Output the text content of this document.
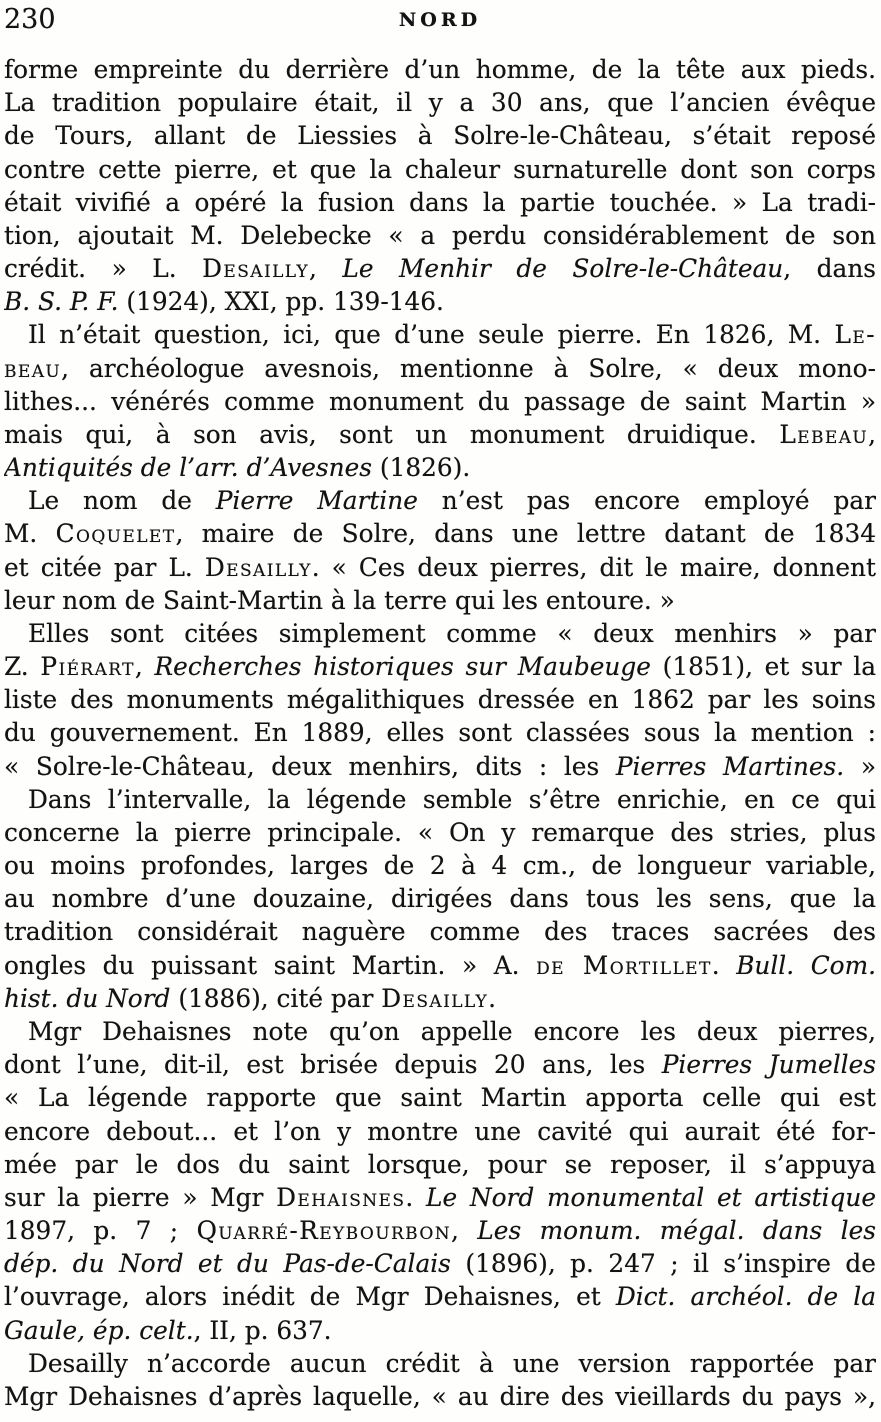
230	NORD
forme empreinte du derrière d’un homme, de la tête aux pieds.
La tradition populaire était, il y a 30 ans, que l’ancien évêque
de Tours, allant de Liessies à Solre-le-Château, s’était reposé
contre cette pierre, et que la chaleur surnaturelle dont son corps
était vivifié a opéré la fusion dans la partie touchée. » La tradi-
tion, ajoutait M. Delebecke « a perdu considérablement de son
crédit. » L. Desailly, Le Menhir de Solre-le-Château, dans
B. S. P. F. (1924), XXI, pp. 139-146.
Il n’était question, ici, que d’une seule pierre. En 1826, M. Le-
beau, archéologue avesnois, mentionne à Solre, « deux mono-
lithes... vénérés comme monument du passage de saint Martin »
mais qui, à son avis, sont un monument druidique. Lebeau,
Antiquités de l’arr. d’Avesnes (1826).
Le nom de Pierre Martine n’est pas encore employé par
M. Coquelet, maire de Solre, dans une lettre datant de 1834
et citée par L. Desailly. « Ces deux pierres, dit le maire, donnent
leur nom de Saint-Martin à la terre qui les entoure. »
Elles sont citées simplement comme « deux menhirs » par
Z. Piérart, Recherches historiques sur Maubeuge (1851), et sur la
liste des monuments mégalithiques dressée en 1862 par les soins
du gouvernement. En 1889, elles sont classées sous la mention :
« Solre-le-Château, deux menhirs, dits : les Pierres Martines. »
Dans l’intervalle, la légende semble s’être enrichie, en ce qui
concerne la pierre principale. « On y remarque des stries, plus
ou moins profondes, larges de 2 à 4 cm., de longueur variable,
au nombre d’une douzaine, dirigées dans tous les sens, que la
tradition considérait naguère comme des traces sacrées des
ongles du puissant saint Martin. » A. de Mortillet. Bull. Com.
hist. du Nord (1886), cité par Desailly.
Mgr Dehaisnes note qu’on appelle encore les deux pierres,
dont l’une, dit-il, est brisée depuis 20 ans, les Pierres Jumelles
« La légende rapporte que saint Martin apporta celle qui est
encore debout... et l’on y montre une cavité qui aurait été for-
mée par le dos du saint lorsque, pour se reposer, il s’appuya
sur la pierre » Mgr Dehaisnes. Le Nord monumental et artistique
1897, p. 7 ; Quarré-Reybourbon, Les monum. mégal. dans les
dép. du Nord et du Pas-de-Calais (1896), p. 247 ; il s’inspire de
l’ouvrage, alors inédit de Mgr Dehaisnes, et Dict. archéol. de la
Gaule, ép. celt., II, p. 637.
Desailly n’accorde aucun crédit à une version rapportée par
Mgr Dehaisnes d’après laquelle, « au dire des vieillards du pays »,
